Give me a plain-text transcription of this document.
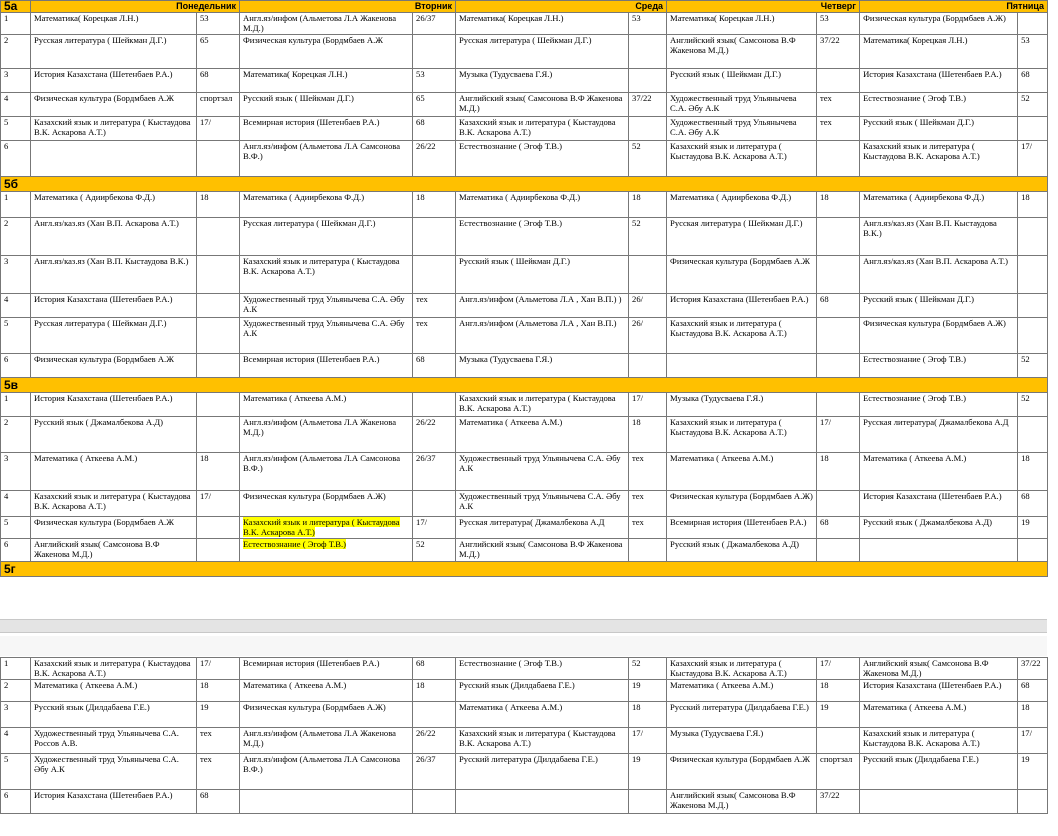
5а	Понедельник		Вторник		Среда		Четверг		Пятница	
1	Математика( Корецкая Л.Н.)	53	Англ.яз/инфом (Альметова Л.А Жакенова М.Д.)	26/37	Математика( Корецкая Л.Н.)	53	Математика( Корецкая Л.Н.)	53	Физическая культура (Бордмбаев А.Ж)	
2	Русская литература ( Шейкман Д.Г.)	65	Физическая культура (Бордмбаев А.Ж		Русская литература ( Шейкман Д.Г.)		Английский язык( Самсонова В.Ф Жакенова М.Д.)	37/22	Математика( Корецкая Л.Н.)	53
3	История Казахстана (Шетенбаев Р.А.)	68	Математика( Корецкая Л.Н.)	53	Музыка (Тудусваева Г.Я.)		Русский язык ( Шейкман Д.Г.)		История Казахстана (Шетенбаев Р.А.)	68
4	Физическая культура (Бордмбаев А.Ж	спортзал	Русский язык ( Шейкман Д.Г.)	65	Английский язык( Самсонова В.Ф Жакенова М.Д.)	37/22	Художественный труд Ульянычева С.А. Әбу А.К	тех	Естествознание ( Эгоф Т.В.)	52
5	Казахский язык и литература ( Кыстаудова В.К. Аскарова А.Т.)	17/	Всемирная история (Шетенбаев Р.А.)	68	Казахский язык и литература ( Кыстаудова В.К. Аскарова А.Т.)		Художественный труд Ульянычева С.А. Әбу А.К	тех	Русский язык ( Шейкман Д.Г.)	
6			Англ.яз/инфом (Альметова Л.А Самсонова В.Ф.)	26/22	Естествознание ( Эгоф Т.В.)	52	Казахский язык и литература ( Кыстаудова В.К. Аскарова А.Т.)		Казахский язык и литература ( Кыстаудова В.К. Аскарова А.Т.)	17/
5б										
1	Математика ( Адиирбекова Ф.Д.)	18	Математика ( Адиирбекова Ф.Д.)	18	Математика ( Адиирбекова Ф.Д.)	18	Математика ( Адиирбекова Ф.Д.)	18	Математика ( Адиирбекова Ф.Д.)	18
2	Англ.яз/каз.яз (Хан В.П. Аскарова А.Т.)		Русская литература ( Шейкман Д.Г.)		Естествознание ( Эгоф Т.В.)	52	Русская литература ( Шейкман Д.Г.)		Англ.яз/каз.яз (Хан В.П. Кыстаудова В.К.)	
3	Англ.яз/каз.яз (Хан В.П. Кыстаудова В.К.)		Казахский язык и литература ( Кыстаудова В.К. Аскарова А.Т.)		Русский язык ( Шейкман Д.Г.)		Физическая культура (Бордмбаев А.Ж		Англ.яз/каз.яз (Хан В.П. Аскарова А.Т.)	
4	История Казахстана (Шетенбаев Р.А.)		Художественный труд Ульянычева С.А. Әбу А.К	тех	Англ.яз/инфом (Альметова Л.А , Хан В.П.) )	26/	История Казахстана (Шетенбаев Р.А.)	68	Русский язык ( Шейкман Д.Г.)	
5	Русская литература ( Шейкман Д.Г.)		Художественный труд Ульянычева С.А. Әбу А.К	тех	Англ.яз/инфом (Альметова Л.А , Хан В.П.)	26/	Казахский язык и литература ( Кыстаудова В.К. Аскарова А.Т.)		Физическая культура (Бордмбаев А.Ж)	
6	Физическая культура (Бордмбаев А.Ж		Всемирная история (Шетенбаев Р.А.)	68	Музыка (Тудусваева Г.Я.)				Естествознание ( Эгоф Т.В.)	52
5в										
1	История Казахстана (Шетенбаев Р.А.)		Математика ( Аткеева А.М.)		Казахский язык и литература ( Кыстаудова В.К. Аскарова А.Т.)	17/	Музыка (Тудусваева Г.Я.)		Естествознание ( Эгоф Т.В.)	52
2	Русский язык ( Джамалбекова А.Д)		Англ.яз/инфом (Альметова Л.А Жакенова М.Д.)	26/22	Математика ( Аткеева А.М.)	18	Казахский язык и литература ( Кыстаудова В.К. Аскарова А.Т.)	17/	Русская литература( Джамалбекова А.Д	
3	Математика ( Аткеева А.М.)	18	Англ.яз/инфом (Альметова Л.А Самсонова В.Ф.)	26/37	Художественный труд Ульянычева С.А. Әбу А.К	тех	Математика ( Аткеева А.М.)	18	Математика ( Аткеева А.М.)	18
4	Казахский язык и литература ( Кыстаудова В.К. Аскарова А.Т.)	17/	Физическая культура (Бордмбаев А.Ж)		Художественный труд Ульянычева С.А. Әбу А.К	тех	Физическая культура (Бордмбаев А.Ж)		История Казахстана (Шетенбаев Р.А.)	68
5	Физическая культура (Бордмбаев А.Ж		Казахский язык и литература ( Кыстаудова В.К. Аскарова А.Т.)	17/	Русская литература( Джамалбекова А.Д	тех	Всемирная история (Шетенбаев Р.А.)	68	Русский язык ( Джамалбекова А.Д)	19
6	Английский язык( Самсонова В.Ф Жакенова М.Д.)		Естествознание ( Эгоф Т.В.)	52	Английский язык( Самсонова В.Ф Жакенова М.Д.)		Русский язык ( Джамалбекова А.Д)			
5г										
1	Казахский язык и литература ( Кыстаудова В.К. Аскарова А.Т.)	17/	Всемирная история (Шетенбаев Р.А.)	68	Естествознание ( Эгоф Т.В.)	52	Казахский язык и литература ( Кыстаудова В.К. Аскарова А.Т.)	17/	Английский язык( Самсонова В.Ф Жакенова М.Д.)	37/22
2	Математика ( Аткеева А.М.)	18	Математика ( Аткеева А.М.)	18	Русский язык (Дилдабаева Г.Е.)	19	Математика ( Аткеева А.М.)	18	История Казахстана (Шетенбаев Р.А.)	68
3	Русский язык (Дилдабаева Г.Е.)	19	Физическая культура (Бордмбаев А.Ж)		Математика ( Аткеева А.М.)	18	Русский литература (Дилдабаева Г.Е.)	19	Математика ( Аткеева А.М.)	18
4	Художественный труд Ульянычева С.А. Россов А.В.	тех	Англ.яз/инфом (Альметова Л.А Жакенова М.Д.)	26/22	Казахский язык и литература ( Кыстаудова В.К. Аскарова А.Т.)	17/	Музыка (Тудусваева Г.Я.)		Казахский язык и литература ( Кыстаудова В.К. Аскарова А.Т.)	17/
5	Художественный труд Ульянычева С.А. Әбу А.К	тех	Англ.яз/инфом (Альметова Л.А Самсонова В.Ф.)	26/37	Русский литература (Дилдабаева Г.Е.)	19	Физическая культура (Бордмбаев А.Ж	спортзал	Русский язык (Дилдабаева Г.Е.)	19
6	История Казахстана (Шетенбаев Р.А.)	68					Английский язык( Самсонова В.Ф Жакенова М.Д.)	37/22		
